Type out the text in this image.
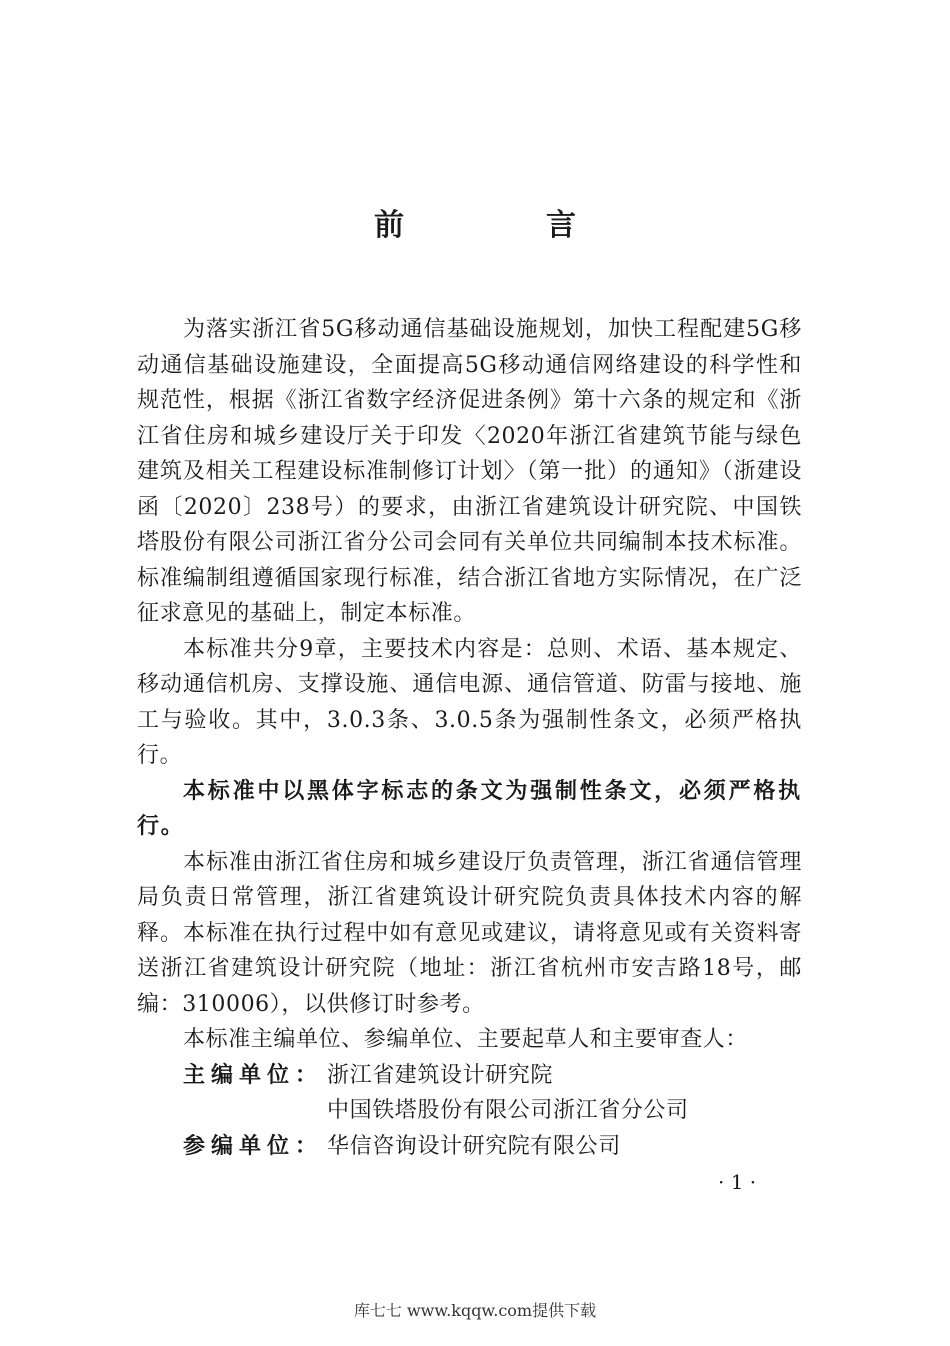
前　言

为落实浙江省5G移动通信基础设施规划，加快工程配建5G移动通信基础设施建设，全面提高5G移动通信网络建设的科学性和规范性，根据《浙江省数字经济促进条例》第十六条的规定和《浙江省住房和城乡建设厅关于印发〈2020年浙江省建筑节能与绿色建筑及相关工程建设标准制修订计划〉（第一批）的通知》（浙建设函〔2020〕238号）的要求，由浙江省建筑设计研究院、中国铁塔股份有限公司浙江省分公司会同有关单位共同编制本技术标准。标准编制组遵循国家现行标准，结合浙江省地方实际情况，在广泛征求意见的基础上，制定本标准。

本标准共分9章，主要技术内容是：总则、术语、基本规定、移动通信机房、支撑设施、通信电源、通信管道、防雷与接地、施工与验收。其中，3.0.3条、3.0.5条为强制性条文，必须严格执行。

本标准中以黑体字标志的条文为强制性条文，必须严格执行。

本标准由浙江省住房和城乡建设厅负责管理，浙江省通信管理局负责日常管理，浙江省建筑设计研究院负责具体技术内容的解释。本标准在执行过程中如有意见或建议，请将意见或有关资料寄送浙江省建筑设计研究院（地址：浙江省杭州市安吉路18号，邮编：310006），以供修订时参考。

本标准主编单位、参编单位、主要起草人和主要审查人：

主编单位： 浙江省建筑设计研究院
中国铁塔股份有限公司浙江省分公司
参编单位： 华信咨询设计研究院有限公司
· 1 ·
库七七 www.kqqw.com提供下载
